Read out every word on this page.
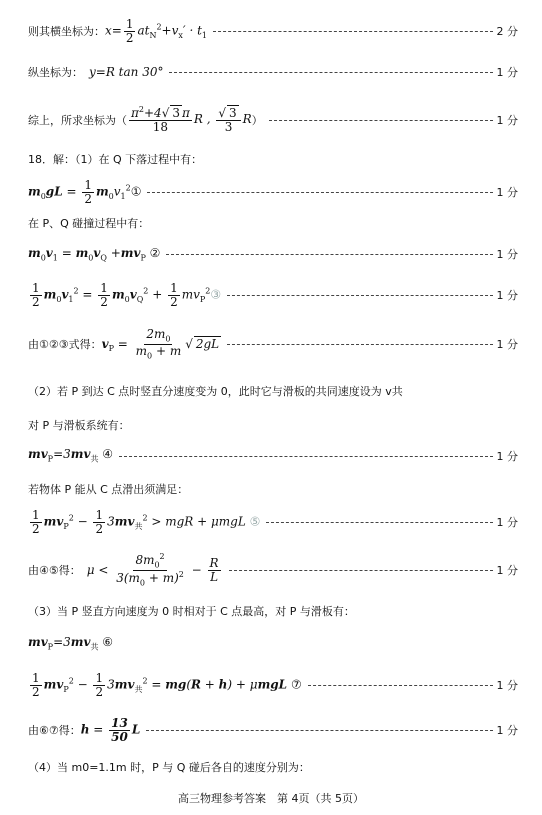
则其横坐标为： $x= \frac{1}{2} at_N^2+v_x' \cdot t_1$	2 分
纵坐标为： y=R tan 30°	1 分
综上，所求坐标为（ $\frac{\pi^2+4√ 3 \pi}{18}$ R , $\frac{√ 3}{3}$ R ）	1 分
18．解：（1）在 Q 下落过程中有：
$m_0gL = \frac{1}{2}$ $m_0v_1^2①$	1 分
在 P、Q 碰撞过程中有：
$m_0v_1 = m_0v_Q +mv_P$ ②	1 分
$\frac{1}{2} m_0v_1^2 = \frac{1}{2} m_0v_Q^2 + \frac{1}{2}$ $mv_P^2③$	1 分
由①②③式得： $v_P = \frac{2m_0}{m_0 + m}$ √ 2gL	1 分
（2）若 P 到达 C 点时竖直分速度变为 0，此时它与滑板的共同速度设为 v共
对 P 与滑板系统有：
$mv_P=3mv_共$ ④	1 分
若物体 P 能从 C 点滑出须满足：
$\frac{1}{2} mv_P^2 - \frac{1}{2} 3mv_共^2$ > mgR + μmgL ⑤	1 分
由④⑤得： $\mu < \frac{8m_0^2}{3(m_0 + m)^2} - \frac{R}{L}$	1 分
（3）当 P 竖直方向速度为 0 时相对于 C 点最高，对 P 与滑板有：
$mv_P=3mv_共$ ⑥
$\frac{1}{2} mv_P^2 - \frac{1}{2} 3mv_共^2 = mg(R + h) + \mu mgL$ ⑦	1 分
由⑥⑦得： $h = \frac{13}{50}$ L	1 分
（4）当 m0=1.1m 时，P 与 Q 碰后各自的速度分别为：
高三物理参考答案　第 4页（共 5页）
